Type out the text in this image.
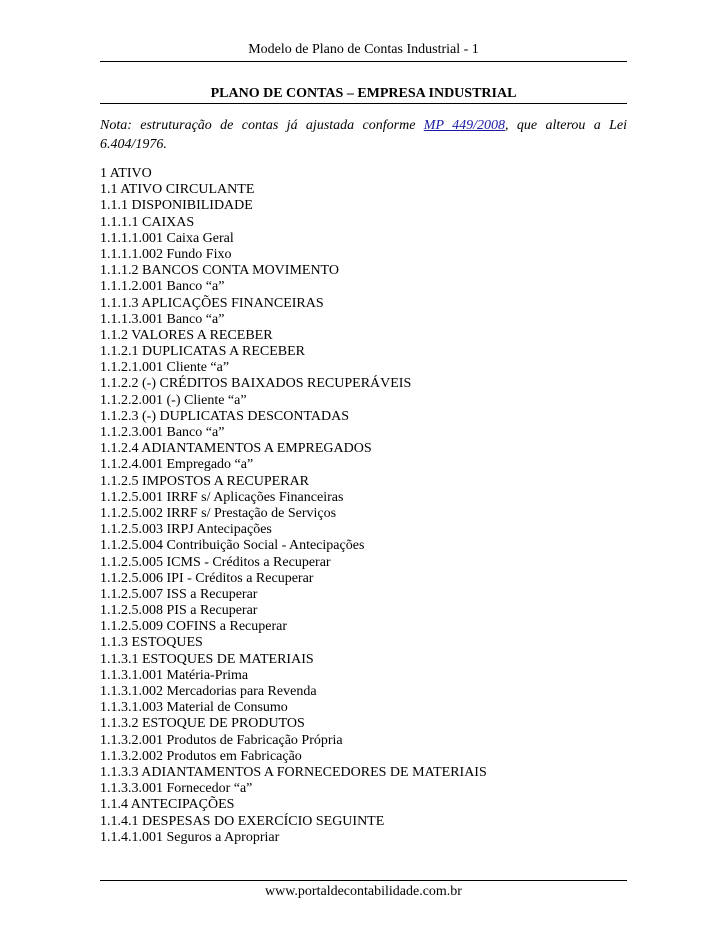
Modelo de Plano de Contas Industrial - 1
PLANO DE CONTAS – EMPRESA INDUSTRIAL

Nota: estruturação de contas já ajustada conforme MP 449/2008, que alterou a Lei 6.404/1976.

1 ATIVO
1.1 ATIVO CIRCULANTE
1.1.1 DISPONIBILIDADE
1.1.1.1 CAIXAS
1.1.1.1.001 Caixa Geral
1.1.1.1.002 Fundo Fixo
1.1.1.2 BANCOS CONTA MOVIMENTO
1.1.1.2.001 Banco “a”
1.1.1.3 APLICAÇÕES FINANCEIRAS
1.1.1.3.001 Banco “a”
1.1.2 VALORES A RECEBER
1.1.2.1 DUPLICATAS A RECEBER
1.1.2.1.001 Cliente “a”
1.1.2.2 (-) CRÉDITOS BAIXADOS RECUPERÁVEIS
1.1.2.2.001 (-) Cliente “a”
1.1.2.3 (-) DUPLICATAS DESCONTADAS
1.1.2.3.001 Banco “a”
1.1.2.4 ADIANTAMENTOS A EMPREGADOS
1.1.2.4.001 Empregado “a”
1.1.2.5 IMPOSTOS A RECUPERAR
1.1.2.5.001 IRRF s/ Aplicações Financeiras
1.1.2.5.002 IRRF s/ Prestação de Serviços
1.1.2.5.003 IRPJ Antecipações
1.1.2.5.004 Contribuição Social - Antecipações
1.1.2.5.005 ICMS - Créditos a Recuperar
1.1.2.5.006 IPI - Créditos a Recuperar
1.1.2.5.007 ISS a Recuperar
1.1.2.5.008 PIS a Recuperar
1.1.2.5.009 COFINS a Recuperar
1.1.3 ESTOQUES
1.1.3.1 ESTOQUES DE MATERIAIS
1.1.3.1.001 Matéria-Prima
1.1.3.1.002 Mercadorias para Revenda
1.1.3.1.003 Material de Consumo
1.1.3.2 ESTOQUE DE PRODUTOS
1.1.3.2.001 Produtos de Fabricação Própria
1.1.3.2.002 Produtos em Fabricação
1.1.3.3 ADIANTAMENTOS A FORNECEDORES DE MATERIAIS
1.1.3.3.001 Fornecedor “a”
1.1.4 ANTECIPAÇÕES
1.1.4.1 DESPESAS DO EXERCÍCIO SEGUINTE
1.1.4.1.001 Seguros a Apropriar
www.portaldecontabilidade.com.br
